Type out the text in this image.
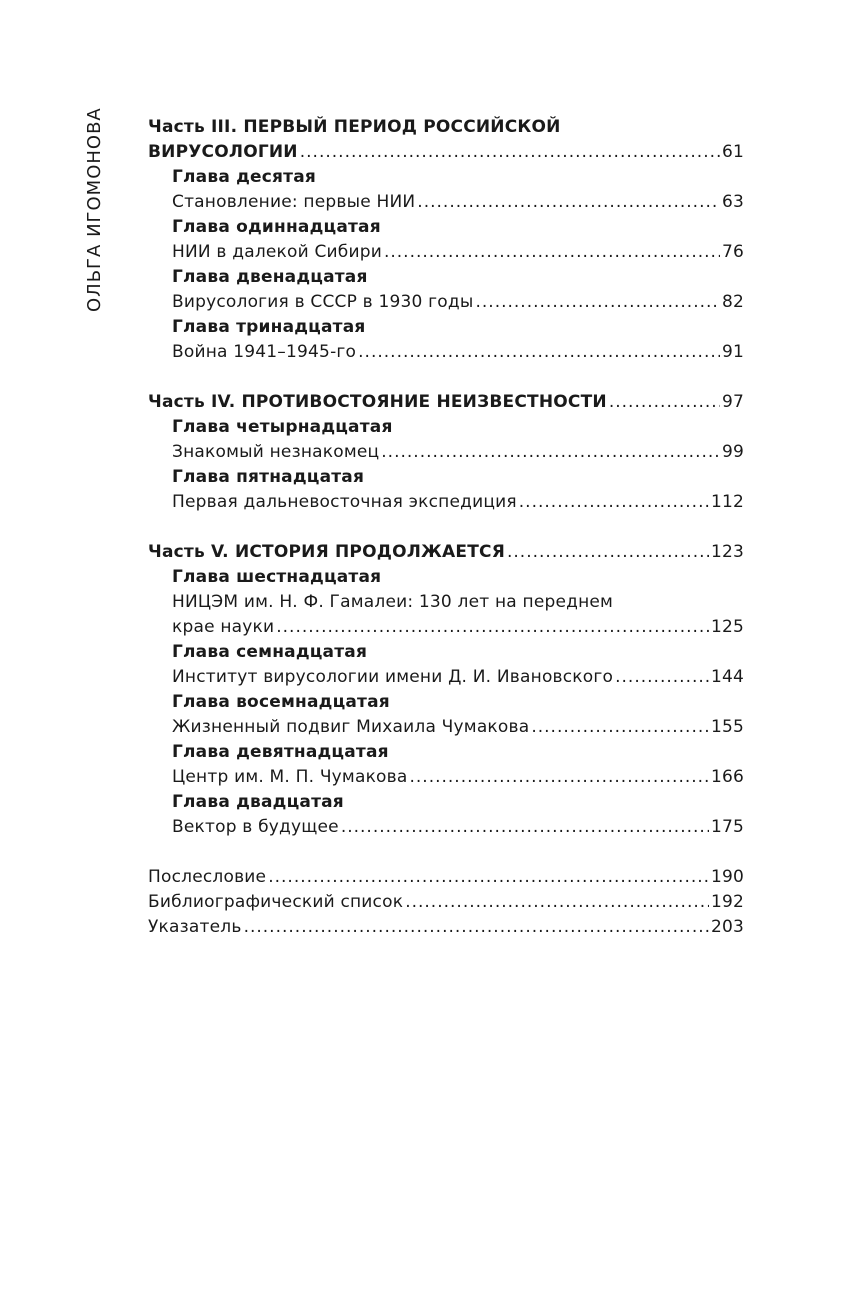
ОЛЬГА ИГОМОНОВА	Часть III. ПЕРВЫЙ ПЕРИОД РОССИЙСКОЙ
ВИРУСОЛОГИИ .....	61
Глава десятая
Становление: первые НИИ .....	63
Глава одиннадцатая
НИИ в далекой Сибири .....	76
Глава двенадцатая
Вирусология в СССР в 1930 годы .....	82
Глава тринадцатая
Война 1941–1945-го .....	91
Часть IV. ПРОТИВОСТОЯНИЕ НЕИЗВЕСТНОСТИ .....	97
Глава четырнадцатая
Знакомый незнакомец .....	99
Глава пятнадцатая
Первая дальневосточная экспедиция .....	112
Часть V. ИСТОРИЯ ПРОДОЛЖАЕТСЯ .....	123
Глава шестнадцатая
НИЦЭМ им. Н. Ф. Гамалеи: 130 лет на переднем
крае науки .....	125
Глава семнадцатая
Институт вирусологии имени Д. И. Ивановского .....	144
Глава восемнадцатая
Жизненный подвиг Михаила Чумакова .....	155
Глава девятнадцатая
Центр им. М. П. Чумакова .....	166
Глава двадцатая
Вектор в будущее .....	175
Послесловие .....	190
Библиографический список .....	192
Указатель .....	203
